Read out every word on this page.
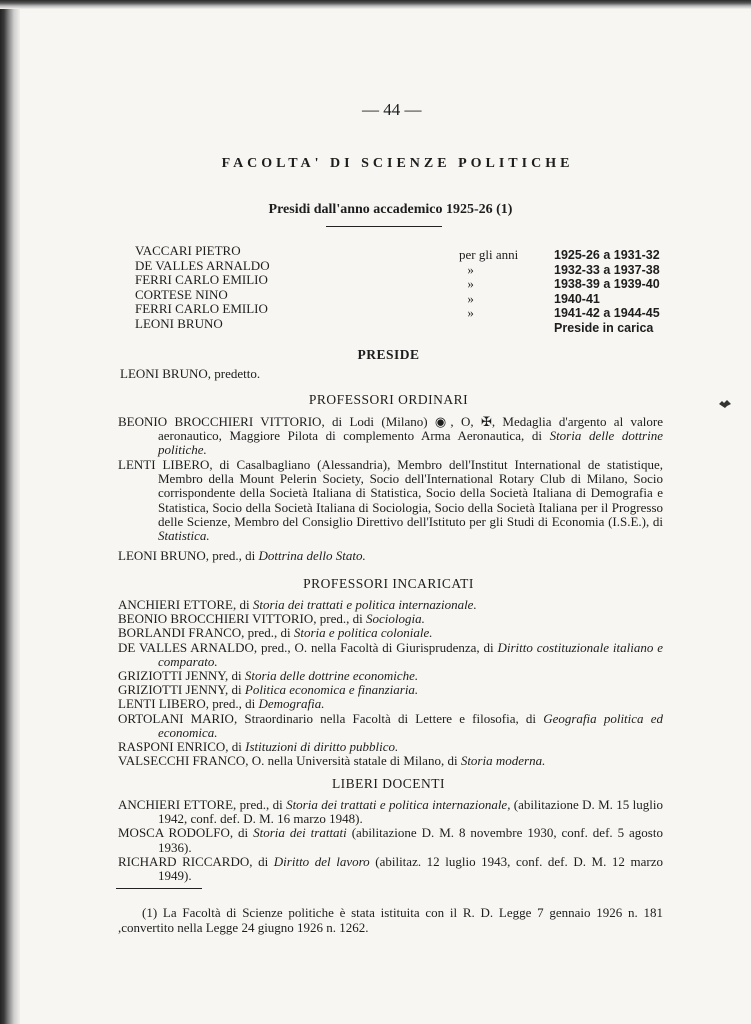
— 44 —
FACOLTA' DI SCIENZE POLITICHE
Presidi dall'anno accademico 1925-26 (1)
VACCARI PIETRO
DE VALLES ARNALDO
FERRI CARLO EMILIO
CORTESE NINO
FERRI CARLO EMILIO
LEONI BRUNO
per gli anni
»
»
»
»
1925-26 a 1931-32
1932-33 a 1937-38
1938-39 a 1939-40
1940-41
1941-42 a 1944-45
Preside in carica
PRESIDE
LEONI BRUNO, predetto.
PROFESSORI ORDINARI
BEONIO BROCCHIERI VITTORIO, di Lodi (Milano) ◉, O, ✠, Medaglia d'argento al valore aeronautico, Maggiore Pilota di complemento Arma Aeronautica, di Storia delle dottrine politiche.
LENTI LIBERO, di Casalbagliano (Alessandria), Membro dell'Institut International de statistique, Membro della Mount Pelerin Society, Socio dell'International Rotary Club di Milano, Socio corrispondente della Società Italiana di Statistica, Socio della Società Italiana di Demografia e Statistica, Socio della Società Italiana di Sociologia, Socio della Società Italiana per il Progresso delle Scienze, Membro del Consiglio Direttivo dell'Istituto per gli Studi di Economia (I.S.E.), di Statistica.
LEONI BRUNO, pred., di Dottrina dello Stato.
PROFESSORI INCARICATI
ANCHIERI ETTORE, di Storia dei trattati e politica internazionale.
BEONIO BROCCHIERI VITTORIO, pred., di Sociologia.
BORLANDI FRANCO, pred., di Storia e politica coloniale.
DE VALLES ARNALDO, pred., O. nella Facoltà di Giurisprudenza, di Diritto costituzionale italiano e comparato.
GRIZIOTTI JENNY, di Storia delle dottrine economiche.
GRIZIOTTI JENNY, di Politica economica e finanziaria.
LENTI LIBERO, pred., di Demografia.
ORTOLANI MARIO, Straordinario nella Facoltà di Lettere e filosofia, di Geografia politica ed economica.
RASPONI ENRICO, di Istituzioni di diritto pubblico.
VALSECCHI FRANCO, O. nella Università statale di Milano, di Storia moderna.
LIBERI DOCENTI
ANCHIERI ETTORE, pred., di Storia dei trattati e politica internazionale, (abilitazione D. M. 15 luglio 1942, conf. def. D. M. 16 marzo 1948).
MOSCA RODOLFO, di Storia dei trattati (abilitazione D. M. 8 novembre 1930, conf. def. 5 agosto 1936).
RICHARD RICCARDO, di Diritto del lavoro (abilitaz. 12 luglio 1943, conf. def. D. M. 12 marzo 1949).
(1) La Facoltà di Scienze politiche è stata istituita con il R. D. Legge 7 gennaio 1926 n. 181 ,convertito nella Legge 24 giugno 1926 n. 1262.
